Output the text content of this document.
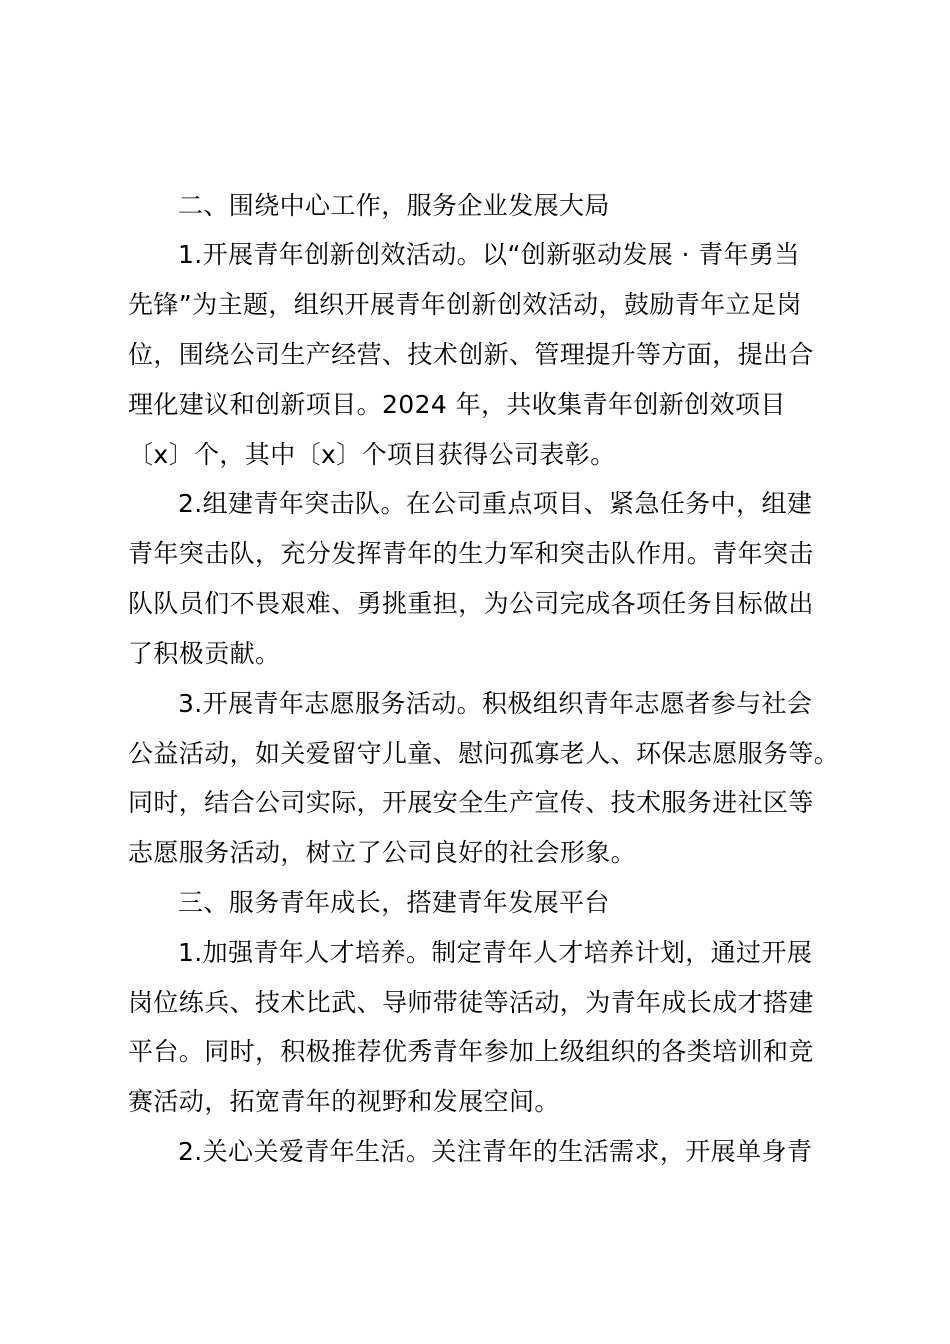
二、围绕中心工作，服务企业发展大局
1.开展青年创新创效活动。以“创新驱动发展 · 青年勇当
先锋”为主题，组织开展青年创新创效活动，鼓励青年立足岗
位，围绕公司生产经营、技术创新、管理提升等方面，提出合
理化建议和创新项目。2024 年，共收集青年创新创效项目
〔x〕个，其中〔x〕个项目获得公司表彰。
2.组建青年突击队。在公司重点项目、紧急任务中，组建
青年突击队，充分发挥青年的生力军和突击队作用。青年突击
队队员们不畏艰难、勇挑重担，为公司完成各项任务目标做出
了积极贡献。
3.开展青年志愿服务活动。积极组织青年志愿者参与社会
公益活动，如关爱留守儿童、慰问孤寡老人、环保志愿服务等。
同时，结合公司实际，开展安全生产宣传、技术服务进社区等
志愿服务活动，树立了公司良好的社会形象。
三、服务青年成长，搭建青年发展平台
1.加强青年人才培养。制定青年人才培养计划，通过开展
岗位练兵、技术比武、导师带徒等活动，为青年成长成才搭建
平台。同时，积极推荐优秀青年参加上级组织的各类培训和竞
赛活动，拓宽青年的视野和发展空间。
2.关心关爱青年生活。关注青年的生活需求，开展单身青
